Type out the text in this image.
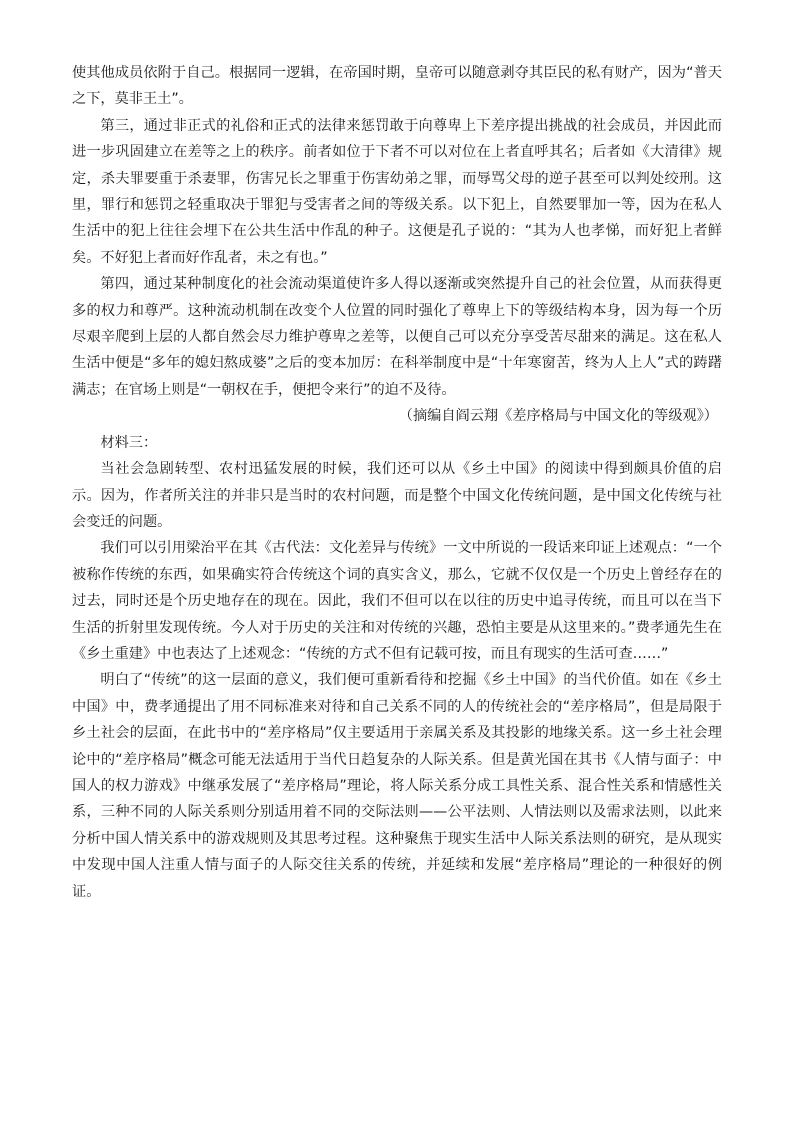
使其他成员依附于自己。根据同一逻辑，在帝国时期，皇帝可以随意剥夺其臣民的私有财产，因为“普天之下，莫非王土”。

第三，通过非正式的礼俗和正式的法律来惩罚敢于向尊卑上下差序提出挑战的社会成员，并因此而进一步巩固建立在差等之上的秩序。前者如位于下者不可以对位在上者直呼其名；后者如《大清律》规定，杀夫罪要重于杀妻罪，伤害兄长之罪重于伤害幼弟之罪，而辱骂父母的逆子甚至可以判处绞刑。这里，罪行和惩罚之轻重取决于罪犯与受害者之间的等级关系。以下犯上，自然要罪加一等，因为在私人生活中的犯上往往会埋下在公共生活中作乱的种子。这便是孔子说的：“其为人也孝悌，而好犯上者鲜矣。不好犯上者而好作乱者，未之有也。”

第四，通过某种制度化的社会流动渠道使许多人得以逐渐或突然提升自己的社会位置，从而获得更多的权力和尊严。这种流动机制在改变个人位置的同时强化了尊卑上下的等级结构本身，因为每一个历尽艰辛爬到上层的人都自然会尽力维护尊卑之差等，以便自己可以充分享受苦尽甜来的满足。这在私人生活中便是“多年的媳妇熬成婆”之后的变本加厉：在科举制度中是“十年寒窗苦，终为人上人”式的踌躇满志；在官场上则是“一朝权在手，便把令来行”的迫不及待。

（摘编自阎云翔《差序格局与中国文化的等级观》）

材料三：

当社会急剧转型、农村迅猛发展的时候，我们还可以从《乡土中国》的阅读中得到颇具价值的启示。因为，作者所关注的并非只是当时的农村问题，而是整个中国文化传统问题，是中国文化传统与社会变迁的问题。

我们可以引用梁治平在其《古代法：文化差异与传统》一文中所说的一段话来印证上述观点：“一个被称作传统的东西，如果确实符合传统这个词的真实含义，那么，它就不仅仅是一个历史上曾经存在的过去，同时还是个历史地存在的现在。因此，我们不但可以在以往的历史中追寻传统，而且可以在当下生活的折射里发现传统。今人对于历史的关注和对传统的兴趣，恐怕主要是从这里来的。”费孝通先生在《乡土重建》中也表达了上述观念：“传统的方式不但有记载可按，而且有现实的生活可查……”

明白了“传统”的这一层面的意义，我们便可重新看待和挖掘《乡土中国》的当代价值。如在《乡土中国》中，费孝通提出了用不同标准来对待和自己关系不同的人的传统社会的“差序格局”，但是局限于乡土社会的层面，在此书中的“差序格局”仅主要适用于亲属关系及其投影的地缘关系。这一乡土社会理论中的“差序格局”概念可能无法适用于当代日趋复杂的人际关系。但是黄光国在其书《人情与面子：中国人的权力游戏》中继承发展了“差序格局”理论，将人际关系分成工具性关系、混合性关系和情感性关系，三种不同的人际关系则分别适用着不同的交际法则——公平法则、人情法则以及需求法则，以此来分析中国人情关系中的游戏规则及其思考过程。这种聚焦于现实生活中人际关系法则的研究，是从现实中发现中国人注重人情与面子的人际交往关系的传统，并延续和发展“差序格局”理论的一种很好的例证。
